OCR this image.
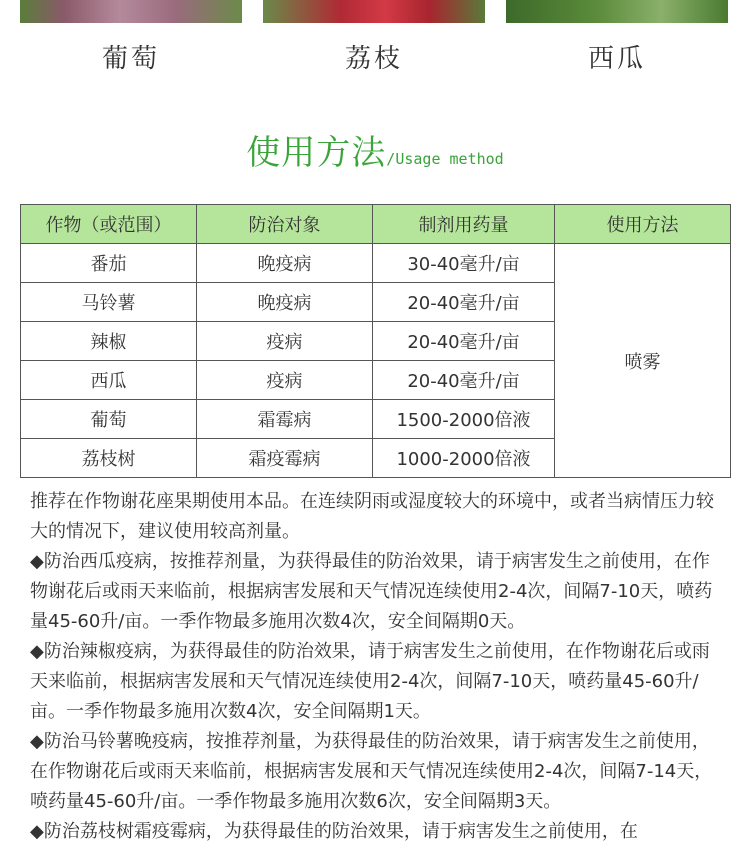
葡萄	荔枝	西瓜
使用方法/Usage method
作物（或范围）	防治对象	制剂用药量	使用方法
番茄	晚疫病	30-40毫升/亩	喷雾
马铃薯	晚疫病	20-40毫升/亩	
辣椒	疫病	20-40毫升/亩	
西瓜	疫病	20-40毫升/亩	
葡萄	霜霉病	1500-2000倍液	
荔枝树	霜疫霉病	1000-2000倍液	

推荐在作物谢花座果期使用本品。在连续阴雨或湿度较大的环境中，或者当病情压力较大的情况下，建议使用较高剂量。

◆防治西瓜疫病，按推荐剂量，为获得最佳的防治效果，请于病害发生之前使用，在作物谢花后或雨天来临前，根据病害发展和天气情况连续使用2-4次，间隔7-10天，喷药量45-60升/亩。一季作物最多施用次数4次，安全间隔期0天。

◆防治辣椒疫病，为获得最佳的防治效果，请于病害发生之前使用，在作物谢花后或雨天来临前，根据病害发展和天气情况连续使用2-4次，间隔7-10天，喷药量45-60升/亩。一季作物最多施用次数4次，安全间隔期1天。

◆防治马铃薯晚疫病，按推荐剂量，为获得最佳的防治效果，请于病害发生之前使用，在作物谢花后或雨天来临前，根据病害发展和天气情况连续使用2-4次，间隔7-14天，喷药量45-60升/亩。一季作物最多施用次数6次，安全间隔期3天。

◆防治荔枝树霜疫霉病，为获得最佳的防治效果，请于病害发生之前使用，在
